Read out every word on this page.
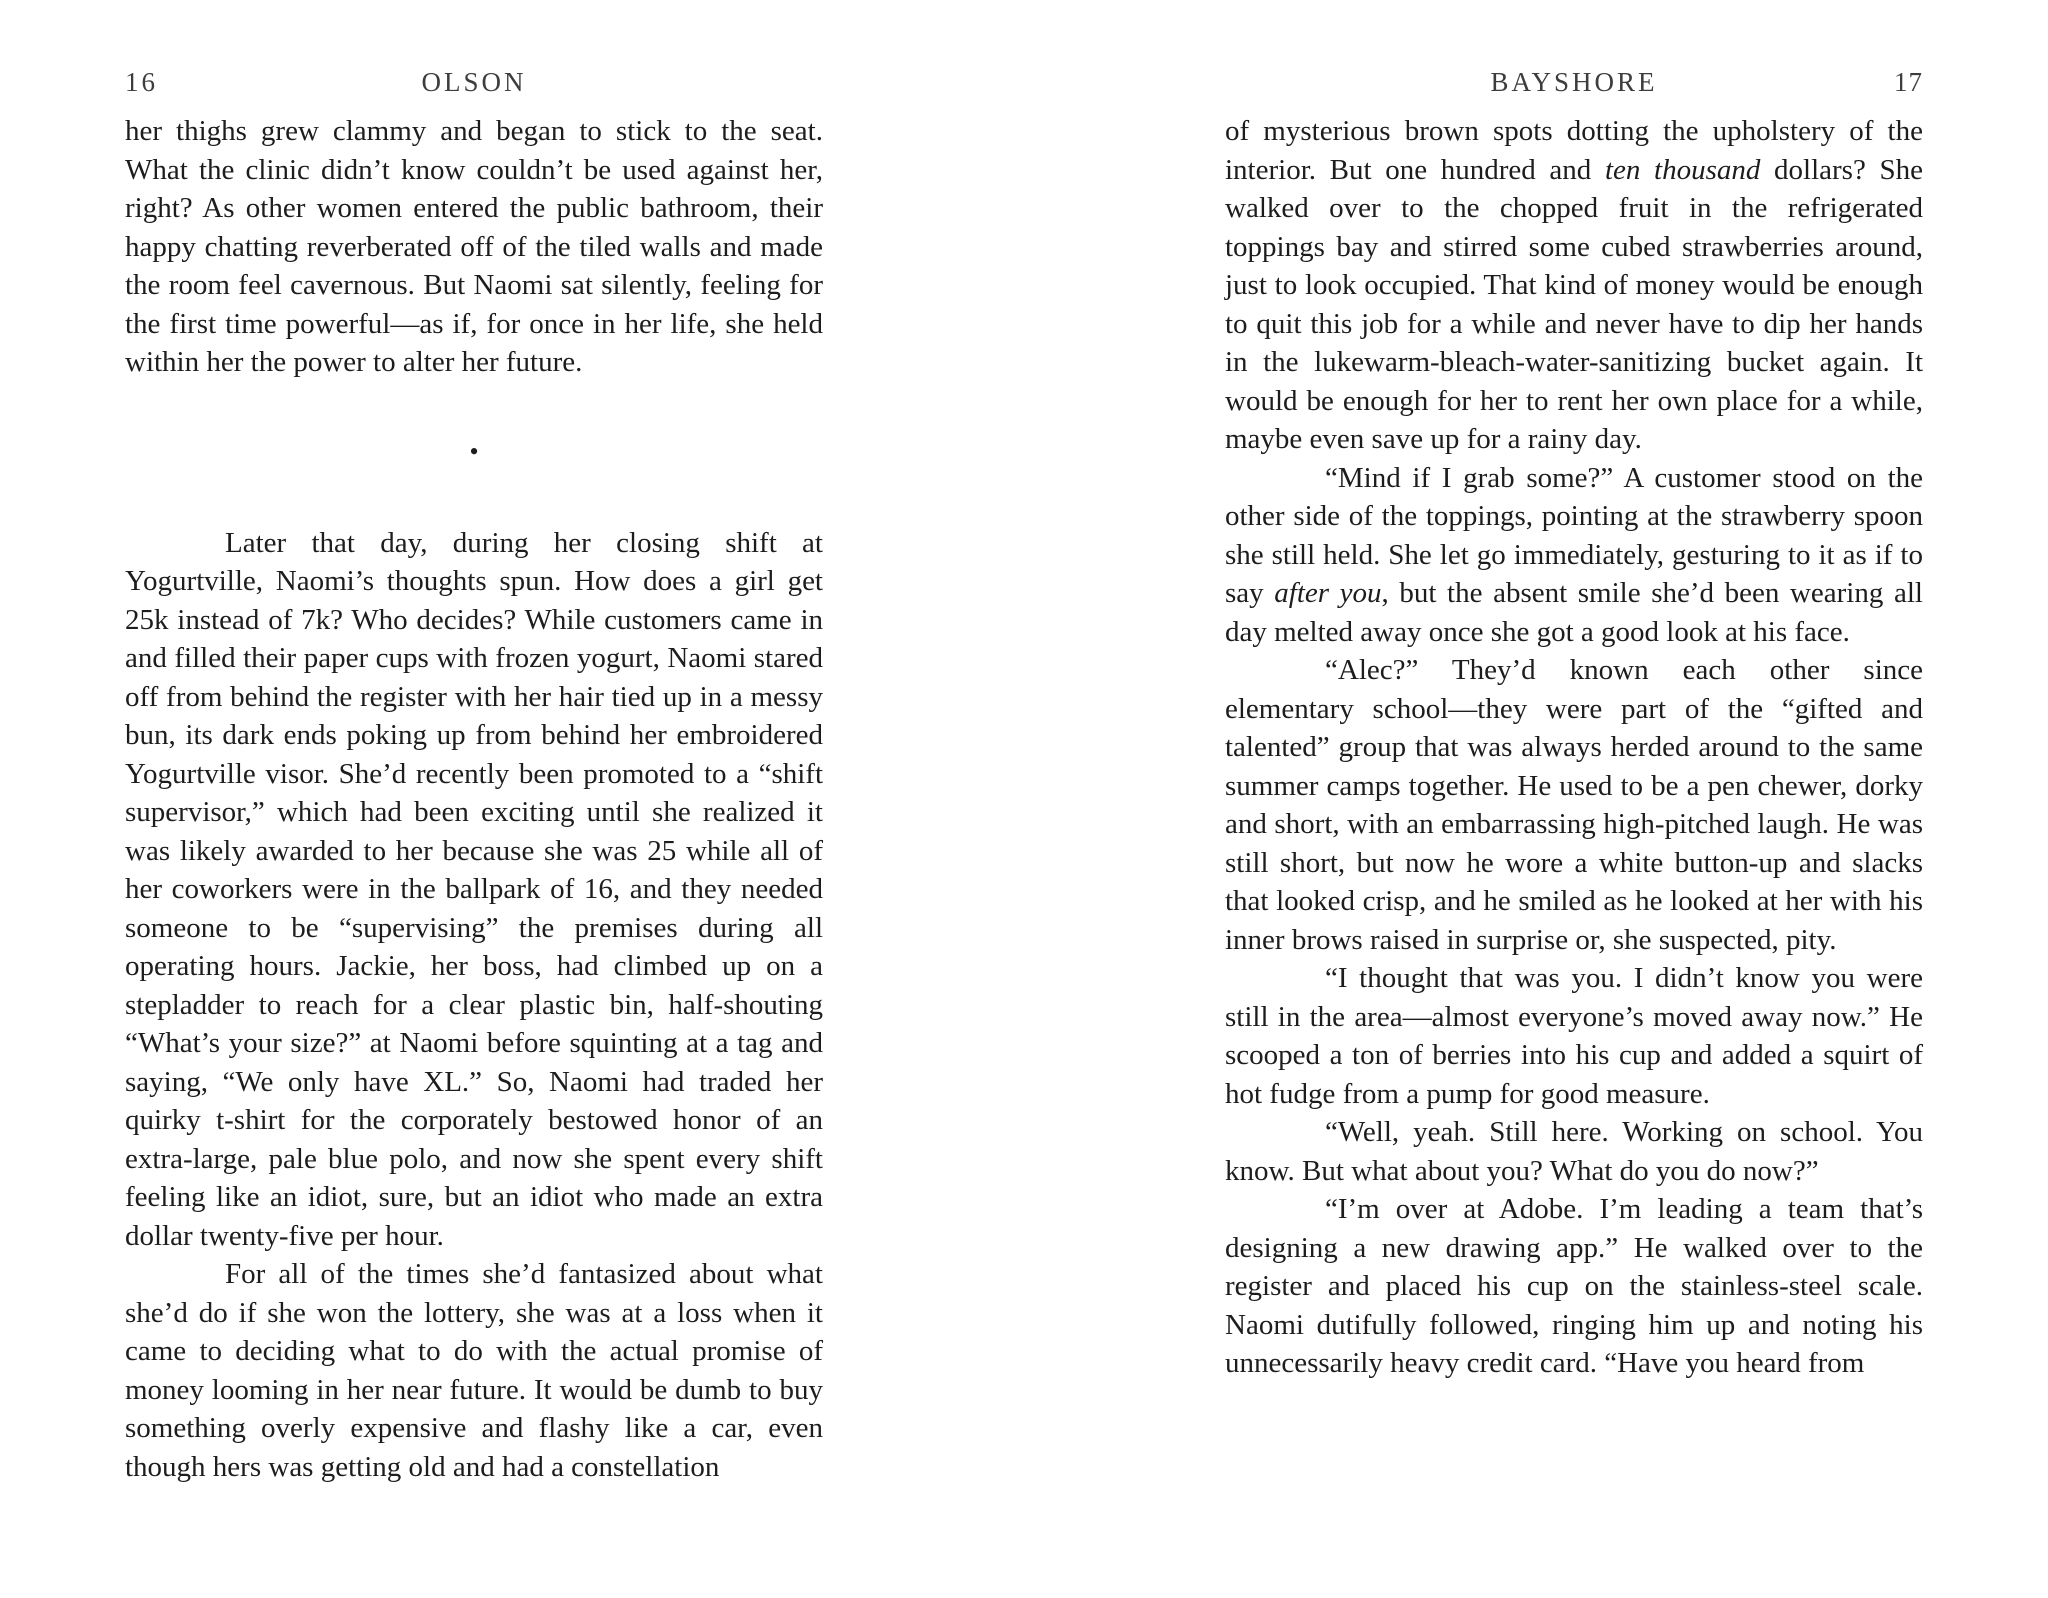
16	OLSON

her thighs grew clammy and began to stick to the seat. What the clinic didn’t know couldn’t be used against her, right? As other women entered the public bathroom, their happy chatting reverberated off of the tiled walls and made the room feel cavernous. But Naomi sat silently, feeling for the first time powerful—as if, for once in her life, she held within her the power to alter her future.

•

Later that day, during her closing shift at Yogurtville, Naomi’s thoughts spun. How does a girl get 25k instead of 7k? Who decides? While customers came in and filled their paper cups with frozen yogurt, Naomi stared off from behind the register with her hair tied up in a messy bun, its dark ends poking up from behind her embroidered Yogurtville visor. She’d recently been promoted to a “shift supervisor,” which had been exciting until she realized it was likely awarded to her because she was 25 while all of her coworkers were in the ballpark of 16, and they needed someone to be “supervising” the premises during all operating hours. Jackie, her boss, had climbed up on a stepladder to reach for a clear plastic bin, half-shouting “What’s your size?” at Naomi before squinting at a tag and saying, “We only have XL.” So, Naomi had traded her quirky t-shirt for the corporately bestowed honor of an extra-large, pale blue polo, and now she spent every shift feeling like an idiot, sure, but an idiot who made an extra dollar twenty-five per hour.

For all of the times she’d fantasized about what she’d do if she won the lottery, she was at a loss when it came to deciding what to do with the actual promise of money looming in her near future. It would be dumb to buy something overly expensive and flashy like a car, even though hers was getting old and had a constellation

BAYSHORE	17

of mysterious brown spots dotting the upholstery of the interior. But one hundred and ten thousand dollars? She walked over to the chopped fruit in the refrigerated toppings bay and stirred some cubed strawberries around, just to look occupied. That kind of money would be enough to quit this job for a while and never have to dip her hands in the lukewarm-bleach-water-sanitizing bucket again. It would be enough for her to rent her own place for a while, maybe even save up for a rainy day.

“Mind if I grab some?” A customer stood on the other side of the toppings, pointing at the strawberry spoon she still held. She let go immediately, gesturing to it as if to say after you, but the absent smile she’d been wearing all day melted away once she got a good look at his face.

“Alec?” They’d known each other since elementary school—they were part of the “gifted and talented” group that was always herded around to the same summer camps together. He used to be a pen chewer, dorky and short, with an embarrassing high-pitched laugh. He was still short, but now he wore a white button-up and slacks that looked crisp, and he smiled as he looked at her with his inner brows raised in surprise or, she suspected, pity.

“I thought that was you. I didn’t know you were still in the area—almost everyone’s moved away now.” He scooped a ton of berries into his cup and added a squirt of hot fudge from a pump for good measure.

“Well, yeah. Still here. Working on school. You know. But what about you? What do you do now?”

“I’m over at Adobe. I’m leading a team that’s designing a new drawing app.” He walked over to the register and placed his cup on the stainless-steel scale. Naomi dutifully followed, ringing him up and noting his unnecessarily heavy credit card. “Have you heard from
